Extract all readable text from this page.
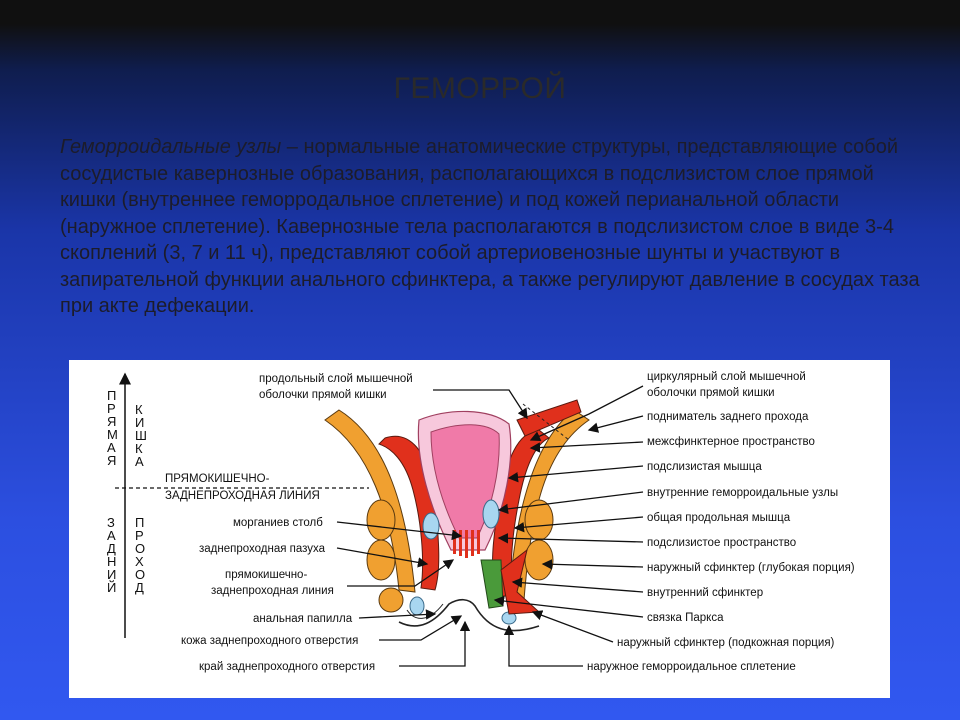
ГЕМОРРОЙ
Геморроидальные узлы – нормальные анатомические структуры, представляющие собой сосудистые кавернозные образования, располагающихся в подслизистом слое прямой кишки (внутреннее геморродальное сплетение) и под кожей перианальной области (наружное сплетение). Кавернозные тела располагаются в подслизистом слое в виде 3-4 скоплений (3, 7 и 11 ч), представляют собой артериовенозные шунты и участвуют в запирательной функции анального сфинктера, а также регулируют давление в сосудах таза при акте дефекации.
П
Р
Я
М
А
Я
К
И
Ш
К
А
З
А
Д
Н
И
Й
П
Р
О
Х
О
Д
ПРЯМОКИШЕЧНО-
ЗАДНЕПРОХОДНАЯ ЛИНИЯ
продольный слой мышечной
оболочки прямой кишки
морганиев столб
заднепроходная пазуха
прямокишечно-
заднепроходная линия
анальная папилла
кожа заднепроходного отверстия
край заднепроходного отверстия
циркулярный слой мышечной
оболочки прямой кишки
подниматель заднего прохода
межсфинктерное пространство
подслизистая мышца
внутренние геморроидальные узлы
общая продольная мышца
подслизистое пространство
наружный сфинктер (глубокая порция)
внутренний сфинктер
связка Паркса
наружный сфинктер (подкожная порция)
наружное геморроидальное сплетение
